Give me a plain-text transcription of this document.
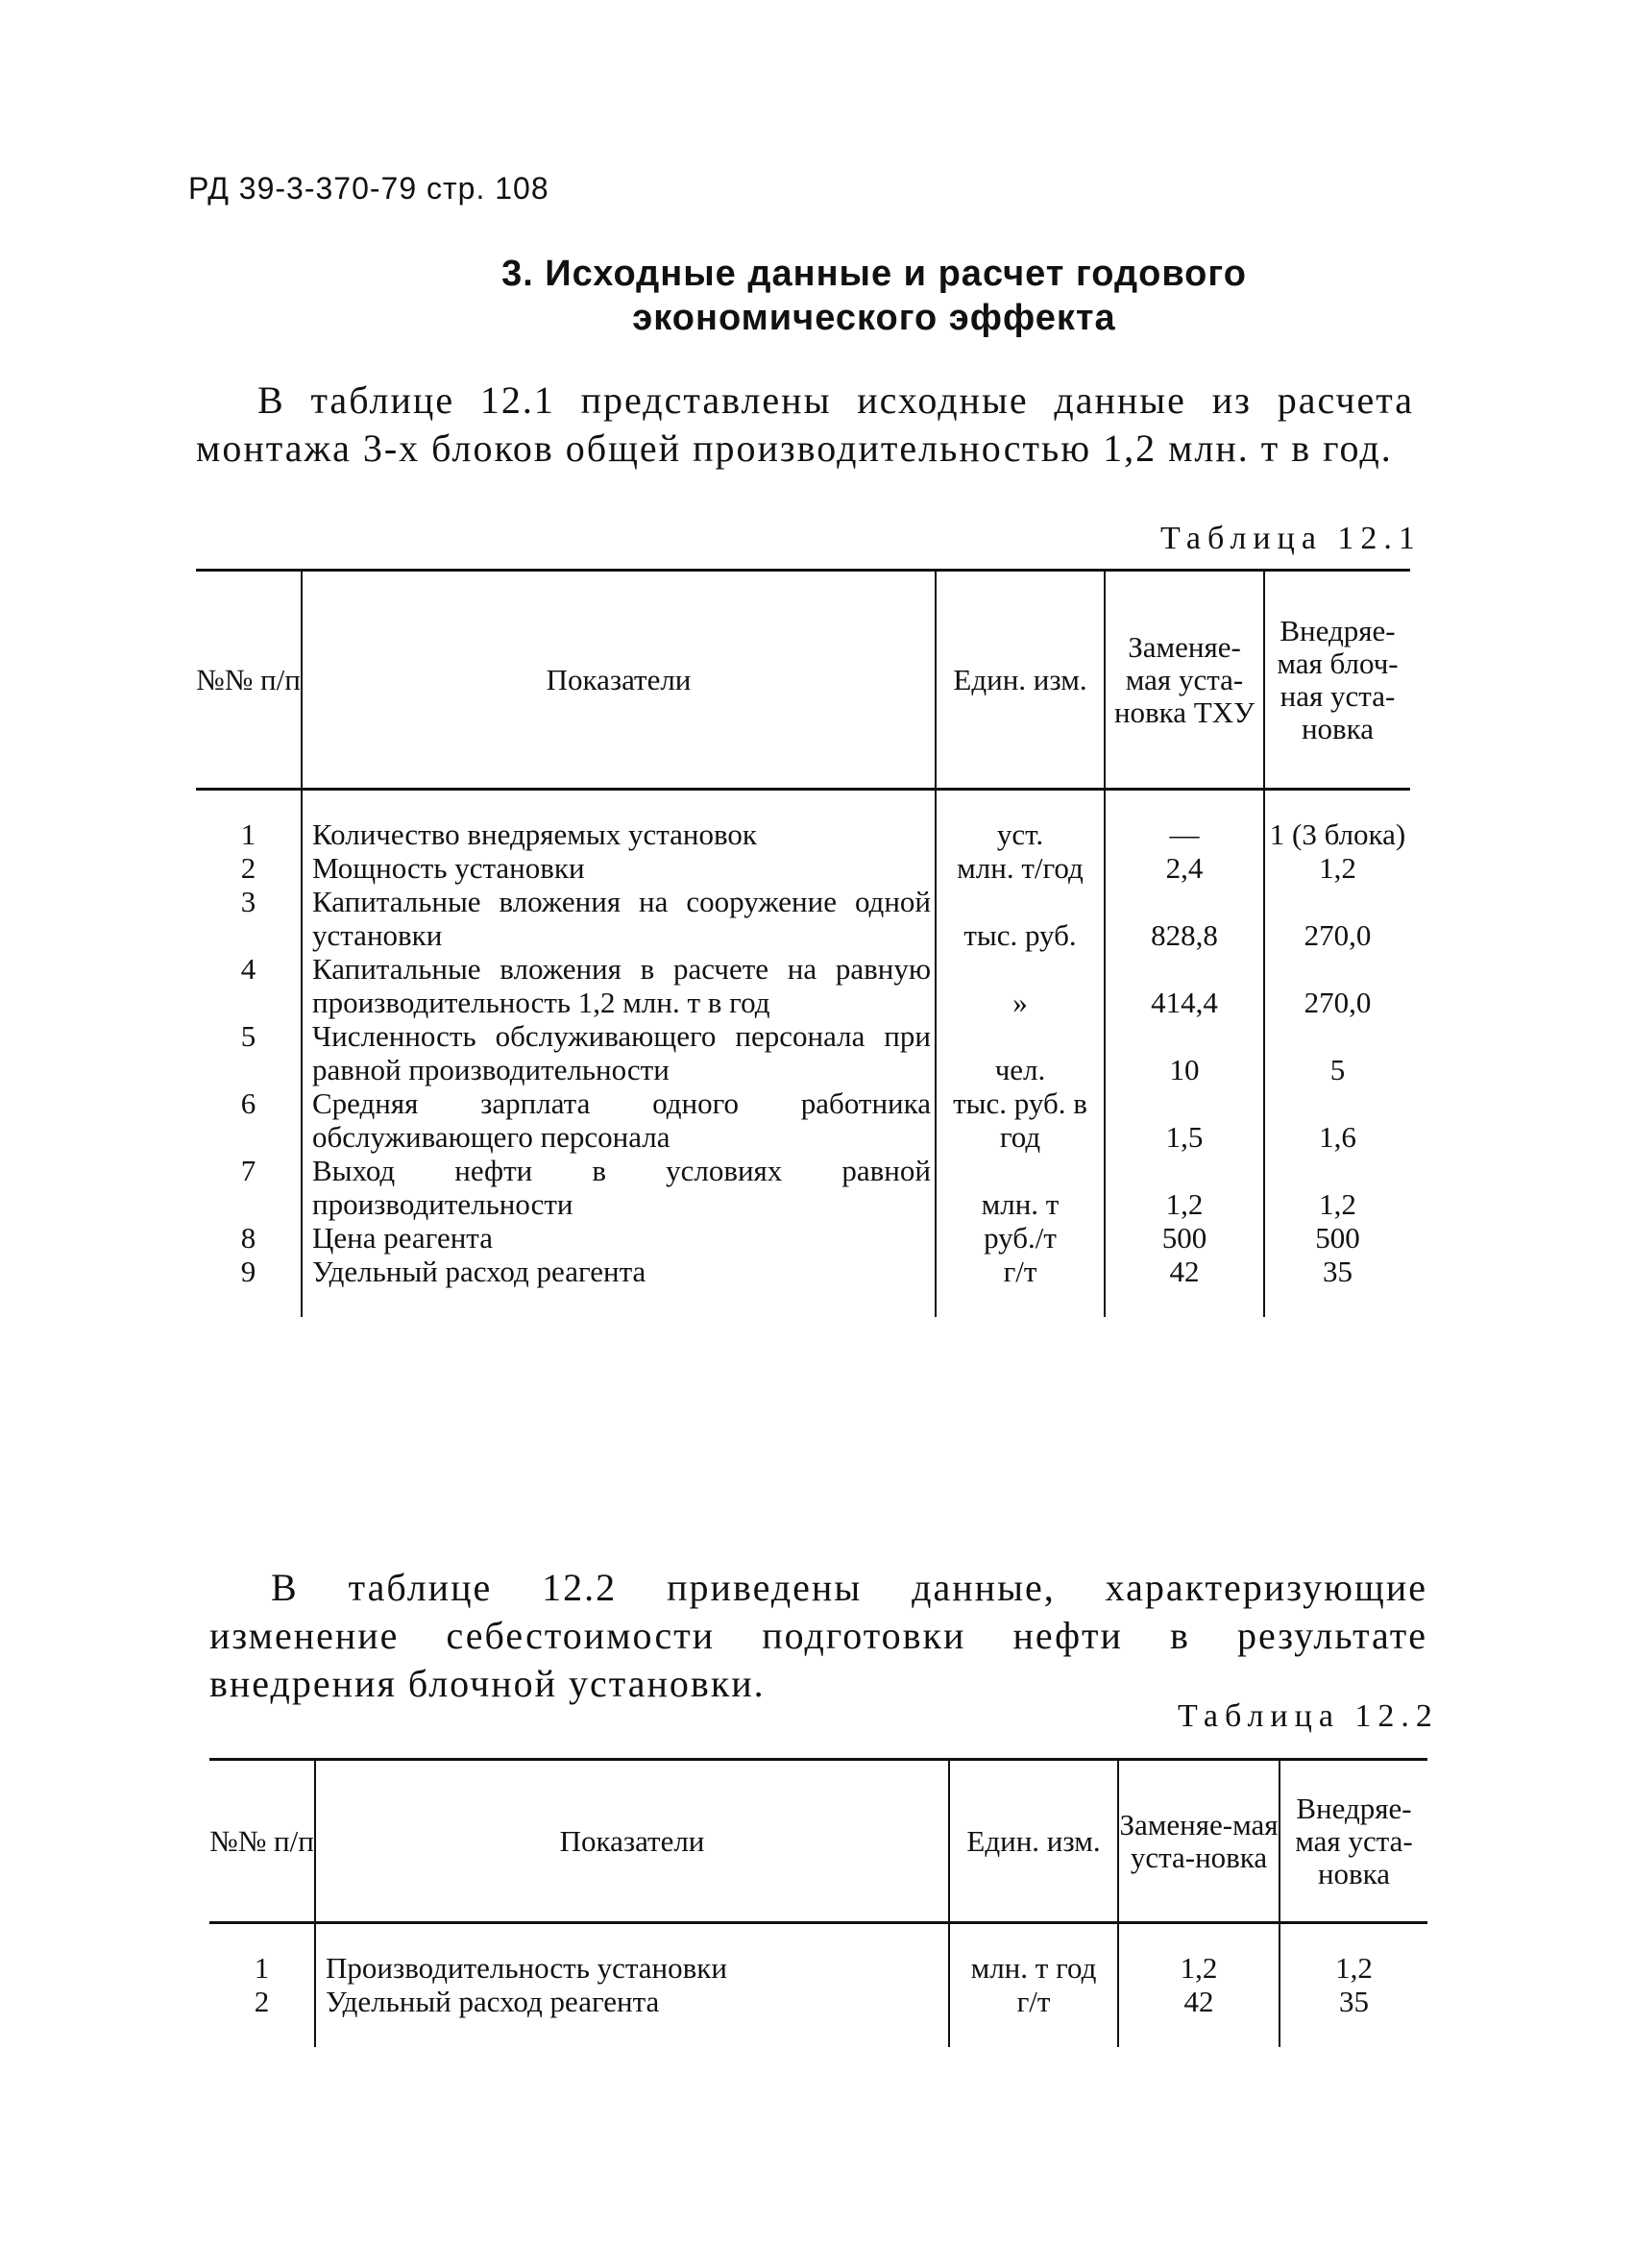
РД 39-3-370-79 стр. 108
3. Исходные данные и расчет годового
экономического эффекта
В таблице 12.1 представлены исходные данные из расчета монтажа 3-х блоков общей производительностью 1,2 млн. т в год.
Таблица 12.1
№№ п/п	Показатели	Един. изм.	Заменяе-мая уста-новка ТХУ	Внедряе-мая блоч-ная уста-новка

1	Количество внедряемых установок	уст.	—	1 (3 блока)
2	Мощность установки	млн. т/год	2,4	1,2
3	Капитальные вложения на сооружение одной установки	тыс. руб.	828,8	270,0
4	Капитальные вложения в расчете на равную производительность 1,2 млн. т в год	»	414,4	270,0
5	Численность обслуживающего персонала при равной производительности	чел.	10	5
6	Средняя зарплата одного работника обслуживающего персонала	тыс. руб. в год	1,5	1,6
7	Выход нефти в условиях равной производительности	млн. т	1,2	1,2
8	Цена реагента	руб./т	500	500
9	Удельный расход реагента	г/т	42	35

В таблице 12.2 приведены данные, характеризующие изменение себестоимости подготовки нефти в результате внедрения блочной установки.
Таблица 12.2
№№ п/п	Показатели	Един. изм.	Заменяе-мая уста-новка	Внедряе-мая уста-новка

1	Производительность установки	млн. т год	1,2	1,2
2	Удельный расход реагента	г/т	42	35
